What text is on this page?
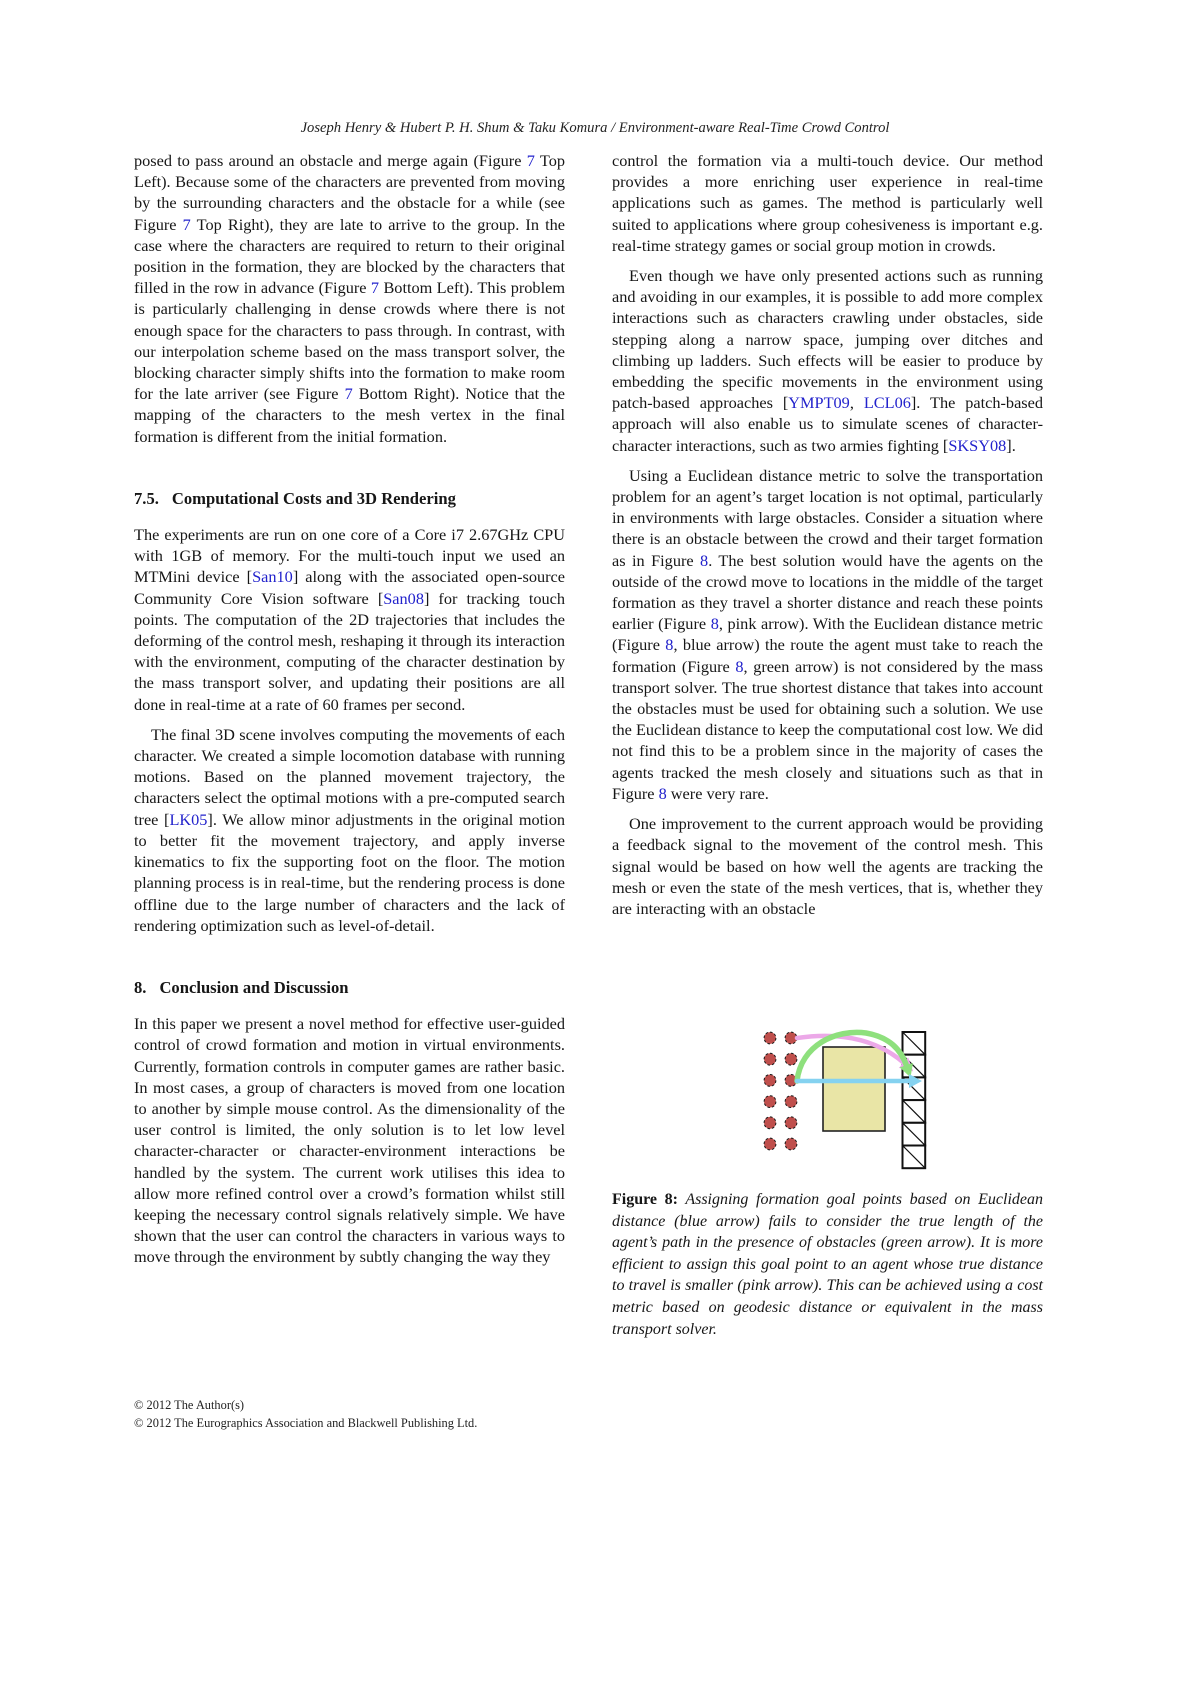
Joseph Henry & Hubert P. H. Shum & Taku Komura / Environment-aware Real-Time Crowd Control

posed to pass around an obstacle and merge again (Figure 7 Top Left). Because some of the characters are prevented from moving by the surrounding characters and the obstacle for a while (see Figure 7 Top Right), they are late to arrive to the group. In the case where the characters are required to return to their original position in the formation, they are blocked by the characters that filled in the row in advance (Figure 7 Bottom Left). This problem is particularly challenging in dense crowds where there is not enough space for the characters to pass through. In contrast, with our interpolation scheme based on the mass transport solver, the blocking character simply shifts into the formation to make room for the late arriver (see Figure 7 Bottom Right). Notice that the mapping of the characters to the mesh vertex in the final formation is different from the initial formation.

7.5. Computational Costs and 3D Rendering

The experiments are run on one core of a Core i7 2.67GHz CPU with 1GB of memory. For the multi-touch input we used an MTMini device [San10] along with the associated open-source Community Core Vision software [San08] for tracking touch points. The computation of the 2D trajectories that includes the deforming of the control mesh, reshaping it through its interaction with the environment, computing of the character destination by the mass transport solver, and updating their positions are all done in real-time at a rate of 60 frames per second.

The final 3D scene involves computing the movements of each character. We created a simple locomotion database with running motions. Based on the planned movement trajectory, the characters select the optimal motions with a pre-computed search tree [LK05]. We allow minor adjustments in the original motion to better fit the movement trajectory, and apply inverse kinematics to fix the supporting foot on the floor. The motion planning process is in real-time, but the rendering process is done offline due to the large number of characters and the lack of rendering optimization such as level-of-detail.

8. Conclusion and Discussion

In this paper we present a novel method for effective user-guided control of crowd formation and motion in virtual environments. Currently, formation controls in computer games are rather basic. In most cases, a group of characters is moved from one location to another by simple mouse control. As the dimensionality of the user control is limited, the only solution is to let low level character-character or character-environment interactions be handled by the system. The current work utilises this idea to allow more refined control over a crowd’s formation whilst still keeping the necessary control signals relatively simple. We have shown that the user can control the characters in various ways to move through the environment by subtly changing the way they

control the formation via a multi-touch device. Our method provides a more enriching user experience in real-time applications such as games. The method is particularly well suited to applications where group cohesiveness is important e.g. real-time strategy games or social group motion in crowds.

Even though we have only presented actions such as running and avoiding in our examples, it is possible to add more complex interactions such as characters crawling under obstacles, side stepping along a narrow space, jumping over ditches and climbing up ladders. Such effects will be easier to produce by embedding the specific movements in the environment using patch-based approaches [YMPT09, LCL06]. The patch-based approach will also enable us to simulate scenes of character-character interactions, such as two armies fighting [SKSY08].

Using a Euclidean distance metric to solve the transportation problem for an agent’s target location is not optimal, particularly in environments with large obstacles. Consider a situation where there is an obstacle between the crowd and their target formation as in Figure 8. The best solution would have the agents on the outside of the crowd move to locations in the middle of the target formation as they travel a shorter distance and reach these points earlier (Figure 8, pink arrow). With the Euclidean distance metric (Figure 8, blue arrow) the route the agent must take to reach the formation (Figure 8, green arrow) is not considered by the mass transport solver. The true shortest distance that takes into account the obstacles must be used for obtaining such a solution. We use the Euclidean distance to keep the computational cost low. We did not find this to be a problem since in the majority of cases the agents tracked the mesh closely and situations such as that in Figure 8 were very rare.

One improvement to the current approach would be providing a feedback signal to the movement of the control mesh. This signal would be based on how well the agents are tracking the mesh or even the state of the mesh vertices, that is, whether they are interacting with an obstacle

Figure 8: Assigning formation goal points based on Euclidean distance (blue arrow) fails to consider the true length of the agent’s path in the presence of obstacles (green arrow). It is more efficient to assign this goal point to an agent whose true distance to travel is smaller (pink arrow). This can be achieved using a cost metric based on geodesic distance or equivalent in the mass transport solver.

© 2012 The Author(s)
© 2012 The Eurographics Association and Blackwell Publishing Ltd.
